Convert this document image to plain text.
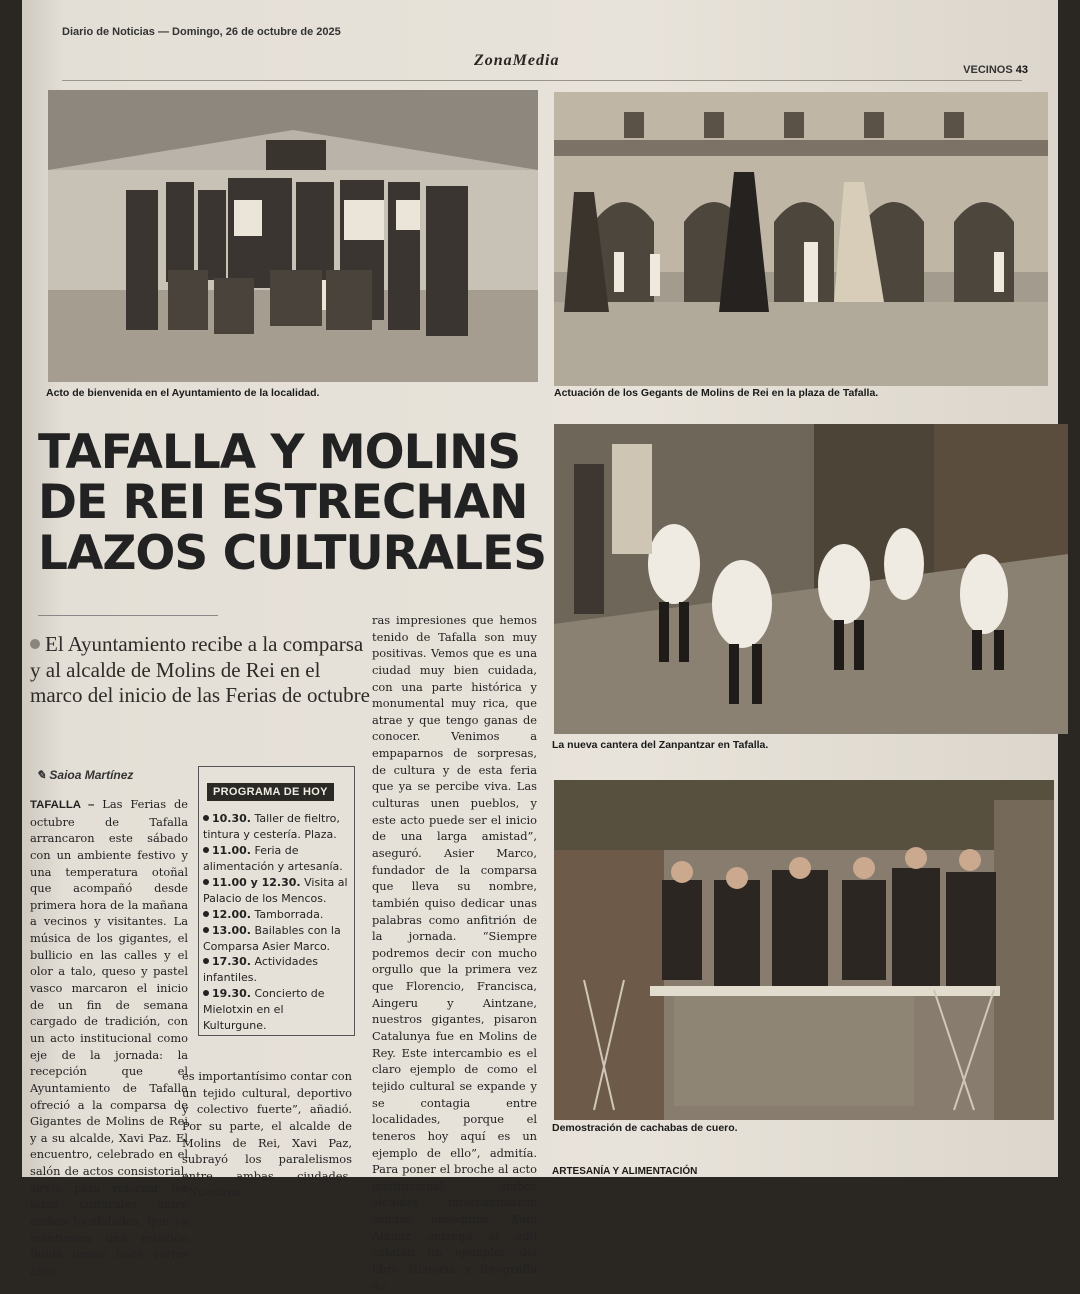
Diario de Noticias — Domingo, 26 de octubre de 2025
ZonaMedia
VECINOS 43
Acto de bienvenida en el Ayuntamiento de la localidad.	Actuación de los Gegants de Molins de Rei en la plaza de Tafalla.
TAFALLA Y MOLINS DE REI ESTRECHAN LAZOS CULTURALES
El Ayuntamiento recibe a la comparsa y al alcalde de Molins de Rei en el marco del inicio de las Ferias de octubre
La nueva cantera del Zanpantzar en Tafalla.
Demostración de cachabas de cuero.
✎ Saioa Martínez
TAFALLA – Las Ferias de octubre de Tafalla arrancaron este sábado con un ambiente festivo y una temperatura otoñal que acompañó desde primera hora de la mañana a vecinos y visitantes. La música de los gigantes, el bullicio en las calles y el olor a talo, queso y pastel vasco marcaron el inicio de un fin de semana cargado de tradición, con un acto institucional como eje de la jornada: la recepción que el Ayuntamiento de Tafalla ofreció a la comparsa de Gigantes de Molins de Rei y a su alcalde, Xavi Paz. El encuentro, celebrado en el salón de actos consistorial, sirvió para reforzar los lazos culturales entre ambas localidades, que ya mantienen una relación fluida desde hace varios años.
PROGRAMA DE HOY
10.30. Taller de fieltro, tintura y cestería. Plaza.
11.00. Feria de alimentación y artesanía.
11.00 y 12.30. Visita al Palacio de los Mencos.
12.00. Tamborrada.
13.00. Bailables con la Comparsa Asier Marco.
17.30. Actividades infantiles.
19.30. Concierto de Mielotxin en el Kulturgune.
es importantísimo contar con un tejido cultural, deportivo y colectivo fuerte”, añadió. Por su parte, el alcalde de Molins de Rei, Xavi Paz, subrayó los paralelismos entre ambas ciudades. “Nuestras
ras impresiones que hemos tenido de Tafalla son muy positivas. Vemos que es una ciudad muy bien cuidada, con una parte histórica y monumental muy rica, que atrae y que tengo ganas de conocer. Venimos a empaparnos de sorpresas, de cultura y de esta feria que ya se percibe viva. Las culturas unen pueblos, y este acto puede ser el inicio de una larga amistad”, aseguró. Asier Marco, fundador de la comparsa que lleva su nombre, también quiso dedicar unas palabras como anfitrión de la jornada. “Siempre podremos decir con mucho orgullo que la primera vez que Florencio, Francisca, Aingeru y Aintzane, nuestros gigantes, pisaron Catalunya fue en Molins de Rey. Este intercambio es el claro ejemplo de como el tejido cultural se expande y se contagia entre localidades, porque el teneros hoy aquí es un ejemplo de ello”, admitía. Para poner el broche al acto institucional, ambos alcaldes intercambiaron sendos obsequios. Xabi Alkuaz entregó al edil catalán un ejemplar del libro Historia y fotografía de
ARTESANÍA Y ALIMENTACIÓN
